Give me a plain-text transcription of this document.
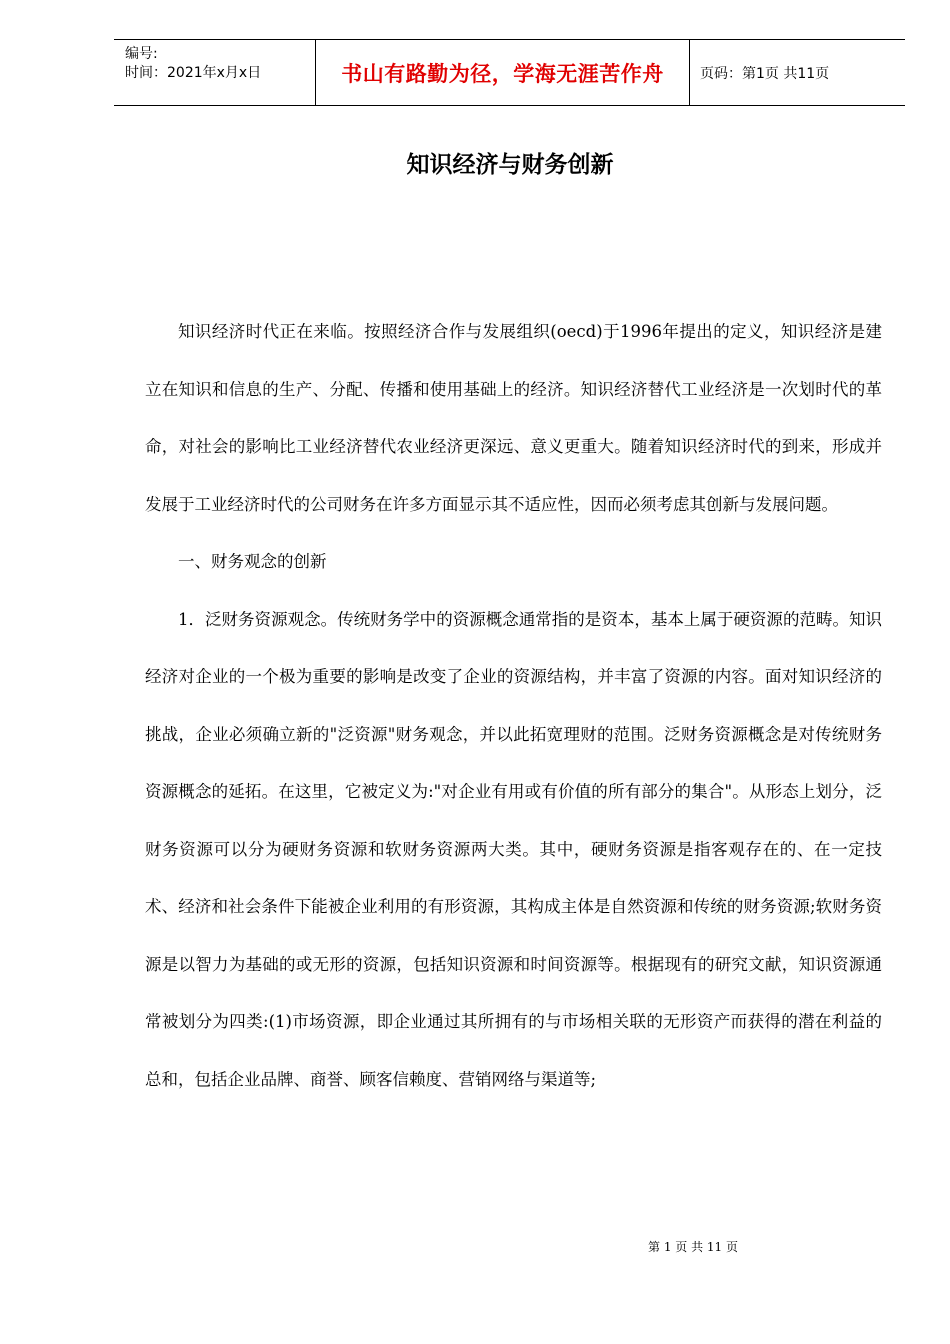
编号:
时间：2021年x月x日	书山有路勤为径，学海无涯苦作舟	页码：第1页 共11页
知识经济与财务创新

知识经济时代正在来临。按照经济合作与发展组织(oecd)于1996年提出的定义，知识经济是建立在知识和信息的生产、分配、传播和使用基础上的经济。知识经济替代工业经济是一次划时代的革命，对社会的影响比工业经济替代农业经济更深远、意义更重大。随着知识经济时代的到来，形成并发展于工业经济时代的公司财务在许多方面显示其不适应性，因而必须考虑其创新与发展问题。

一、财务观念的创新

1．泛财务资源观念。传统财务学中的资源概念通常指的是资本，基本上属于硬资源的范畴。知识经济对企业的一个极为重要的影响是改变了企业的资源结构，并丰富了资源的内容。面对知识经济的挑战，企业必须确立新的"泛资源"财务观念，并以此拓宽理财的范围。泛财务资源概念是对传统财务资源概念的延拓。在这里，它被定义为:"对企业有用或有价值的所有部分的集合"。从形态上划分，泛财务资源可以分为硬财务资源和软财务资源两大类。其中，硬财务资源是指客观存在的、在一定技术、经济和社会条件下能被企业利用的有形资源，其构成主体是自然资源和传统的财务资源;软财务资源是以智力为基础的或无形的资源，包括知识资源和时间资源等。根据现有的研究文献，知识资源通常被划分为四类:(1)市场资源，即企业通过其所拥有的与市场相关联的无形资产而获得的潜在利益的总和，包括企业品牌、商誉、顾客信赖度、营销网络与渠道等;

第 1 页 共 11 页
